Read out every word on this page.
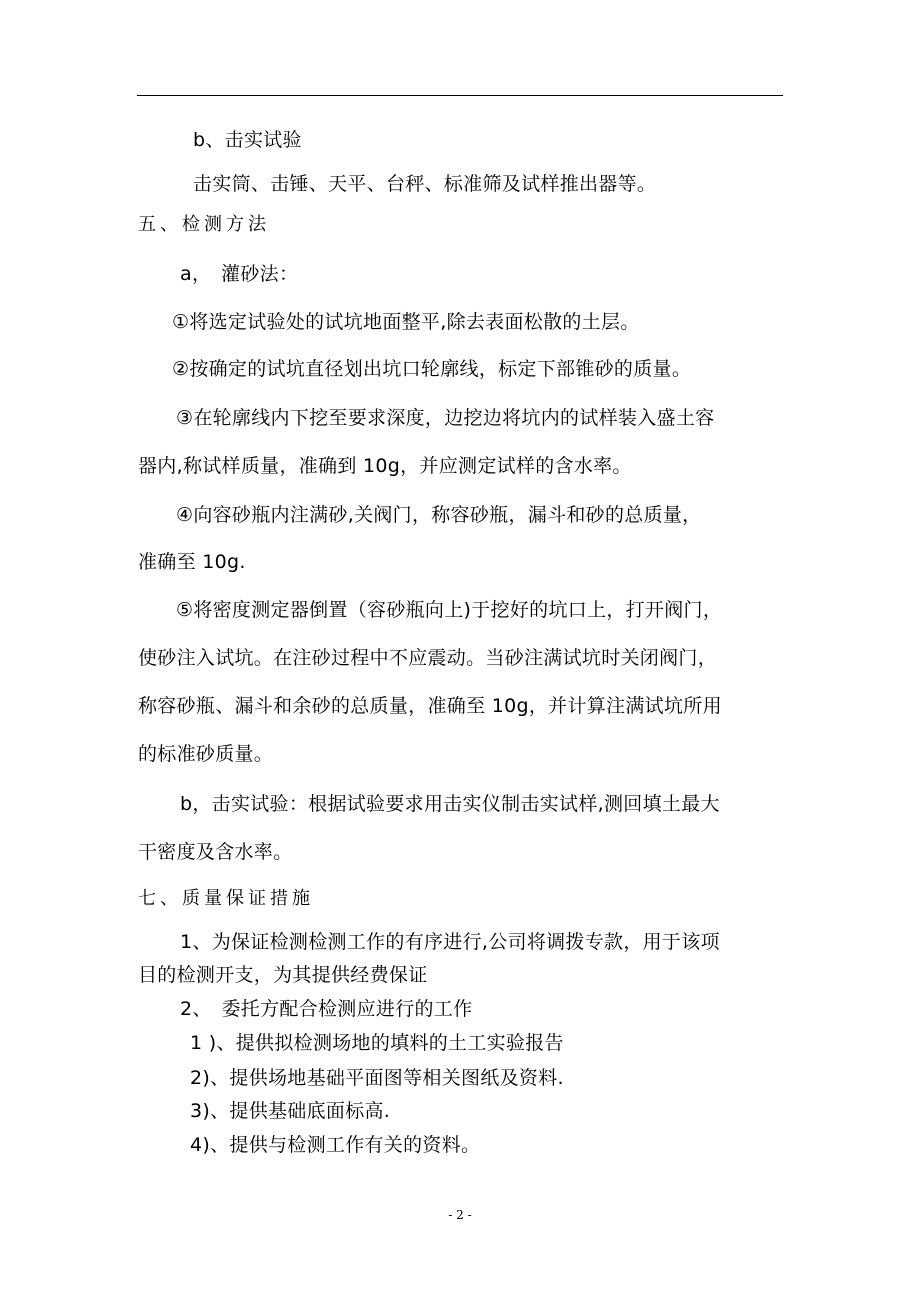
b、击实试验
击实筒、击锤、天平、台秤、标准筛及试样推出器等。
五、检测方法
a，　灌砂法：
①将选定试验处的试坑地面整平,除去表面松散的土层。
②按确定的试坑直径划出坑口轮廓线，标定下部锥砂的质量。
③在轮廓线内下挖至要求深度，边挖边将坑内的试样装入盛土容
器内,称试样质量，准确到 10g，并应测定试样的含水率。
④向容砂瓶内注满砂,关阀门，称容砂瓶，漏斗和砂的总质量，
准确至 10g.
⑤将密度测定器倒置（容砂瓶向上)于挖好的坑口上，打开阀门，
使砂注入试坑。在注砂过程中不应震动。当砂注满试坑时关闭阀门，
称容砂瓶、漏斗和余砂的总质量，准确至 10g，并计算注满试坑所用
的标准砂质量。
b，击实试验：根据试验要求用击实仪制击实试样,测回填土最大
干密度及含水率。
七、质量保证措施
1、为保证检测检测工作的有序进行,公司将调拨专款，用于该项
目的检测开支，为其提供经费保证
2、　委托方配合检测应进行的工作
1 )、提供拟检测场地的填料的土工实验报告
2)、提供场地基础平面图等相关图纸及资料.
3)、提供基础底面标高.
4)、提供与检测工作有关的资料。
- 2 -
